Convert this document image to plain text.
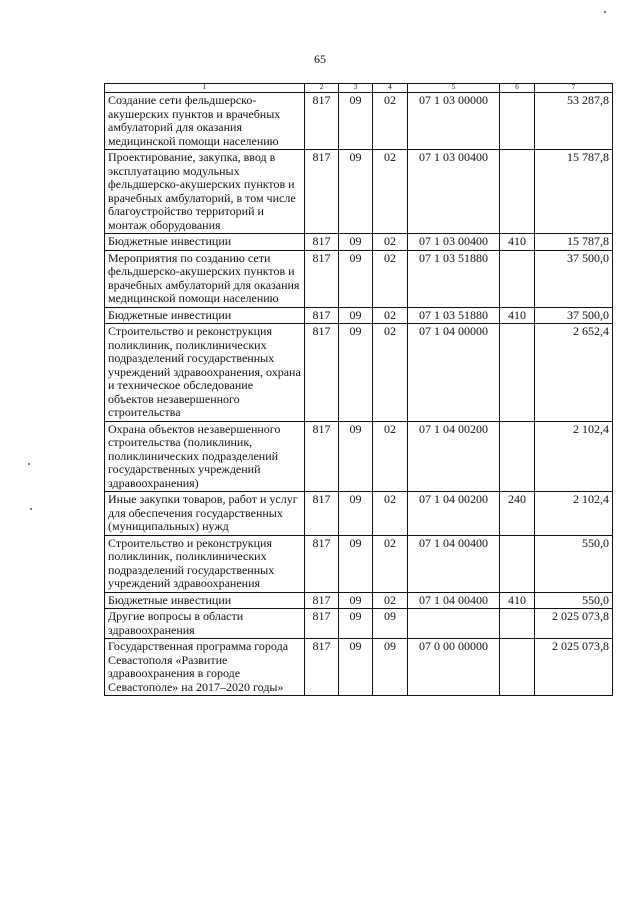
65
1	2	3	4	5	6	7
Создание сети фельдшерско-акушерских пунктов и врачебных амбулаторий для оказания медицинской помощи населению	817	09	02	07 1 03 00000		53 287,8
Проектирование, закупка, ввод в эксплуатацию модульных фельдшерско-акушерских пунктов и врачебных амбулаторий, в том числе благоустройство территорий и монтаж оборудования	817	09	02	07 1 03 00400		15 787,8
Бюджетные инвестиции	817	09	02	07 1 03 00400	410	15 787,8
Мероприятия по созданию сети фельдшерско-акушерских пунктов и врачебных амбулаторий для оказания медицинской помощи населению	817	09	02	07 1 03 51880		37 500,0
Бюджетные инвестиции	817	09	02	07 1 03 51880	410	37 500,0
Строительство и реконструкция поликлиник, поликлинических подразделений государственных учреждений здравоохранения, охрана и техническое обследование объектов незавершенного строительства	817	09	02	07 1 04 00000		2 652,4
Охрана объектов незавершенного строительства (поликлиник, поликлинических подразделений государственных учреждений здравоохранения)	817	09	02	07 1 04 00200		2 102,4
Иные закупки товаров, работ и услуг для обеспечения государственных (муниципальных) нужд	817	09	02	07 1 04 00200	240	2 102,4
Строительство и реконструкция поликлиник, поликлинических подразделений государственных учреждений здравоохранения	817	09	02	07 1 04 00400		550,0
Бюджетные инвестиции	817	09	02	07 1 04 00400	410	550,0
Другие вопросы в области здравоохранения	817	09	09			2 025 073,8
Государственная программа города Севастополя «Развитие здравоохранения в городе Севастополе» на 2017–2020 годы»	817	09	09	07 0 00 00000		2 025 073,8
